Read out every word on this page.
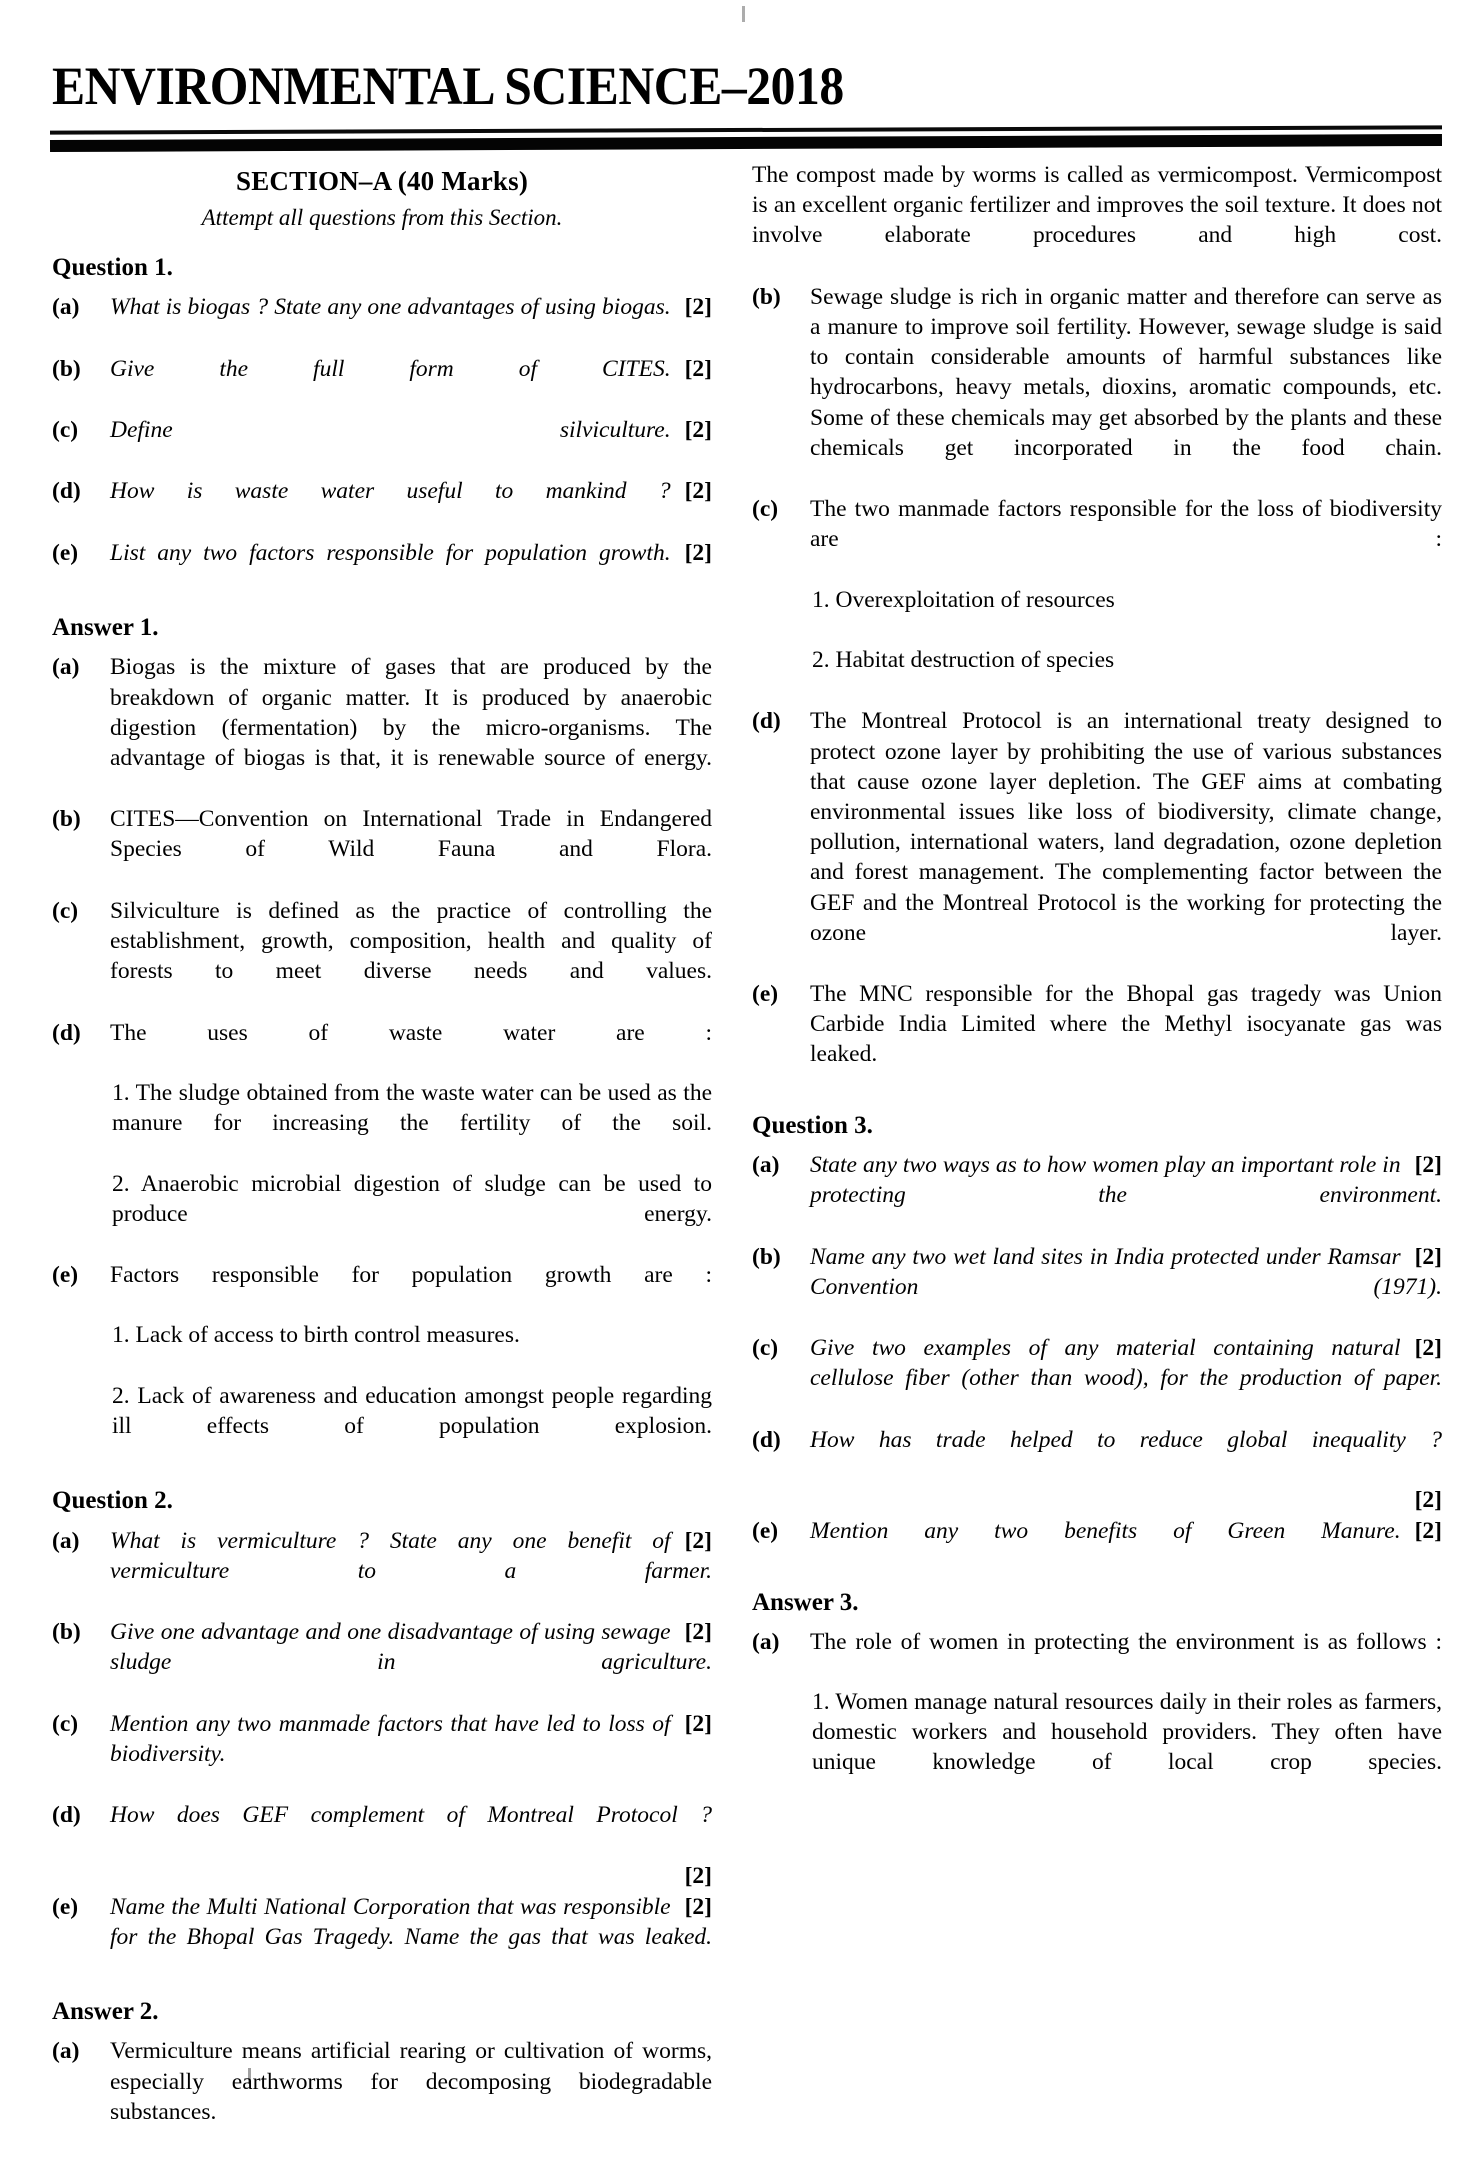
ENVIRONMENTAL SCIENCE–2018
SECTION–A (40 Marks)
Attempt all questions from this Section.
Question 1.
(a)	[2]
What is biogas ? State any one advantages of using biogas.
(b)	[2]
Give the full form of CITES.
(c)	[2]
Define silviculture.
(d)	[2]
How is waste water useful to mankind ?
(e)	[2]
List any two factors responsible for population growth.
Answer 1.
(a)	Biogas is the mixture of gases that are produced by the breakdown of organic matter. It is produced by anaerobic digestion (fermentation) by the micro-organisms. The advantage of biogas is that, it is renewable source of energy.
(b)	CITES—Convention on International Trade in Endangered Species of Wild Fauna and Flora.
(c)	Silviculture is defined as the practice of controlling the establishment, growth, composition, health and quality of forests to meet diverse needs and values.
(d)	The uses of waste water are :
1. The sludge obtained from the waste water can be used as the manure for increasing the fertility of the soil.
2. Anaerobic microbial digestion of sludge can be used to produce energy.
(e)	Factors responsible for population growth are :
1. Lack of access to birth control measures.
2. Lack of awareness and education amongst people regarding ill effects of population explosion.
Question 2.
(a)	[2]
What is vermiculture ? State any one benefit of vermiculture to a farmer.
(b)	[2]
Give one advantage and one disadvantage of using sewage sludge in agriculture.
(c)	[2]
Mention any two manmade factors that have led to loss of biodiversity.
(d)	How does GEF complement of Montreal Protocol ?
[2]
(e)	[2]
Name the Multi National Corporation that was responsible for the Bhopal Gas Tragedy. Name the gas that was leaked.
Answer 2.
(a)	Vermiculture means artificial rearing or cultivation of worms, especially earthworms for decomposing biodegradable substances.
The compost made by worms is called as vermicompost. Vermicompost is an excellent organic fertilizer and improves the soil texture. It does not involve elaborate procedures and high cost.
(b)	Sewage sludge is rich in organic matter and therefore can serve as a manure to improve soil fertility. However, sewage sludge is said to contain considerable amounts of harmful substances like hydrocarbons, heavy metals, dioxins, aromatic compounds, etc. Some of these chemicals may get absorbed by the plants and these chemicals get incorporated in the food chain.
(c)	The two manmade factors responsible for the loss of biodiversity are :
1. Overexploitation of resources
2. Habitat destruction of species
(d)	The Montreal Protocol is an international treaty designed to protect ozone layer by prohibiting the use of various substances that cause ozone layer depletion. The GEF aims at combating environmental issues like loss of biodiversity, climate change, pollution, international waters, land degradation, ozone depletion and forest management. The complementing factor between the GEF and the Montreal Protocol is the working for protecting the ozone layer.
(e)	The MNC responsible for the Bhopal gas tragedy was Union Carbide India Limited where the Methyl isocyanate gas was leaked.
Question 3.
(a)	[2]
State any two ways as to how women play an important role in protecting the environment.
(b)	[2]
Name any two wet land sites in India protected under Ramsar Convention (1971).
(c)	[2]
Give two examples of any material containing natural cellulose fiber (other than wood), for the production of paper.
(d)	How has trade helped to reduce global inequality ?
[2]
(e)	[2]
Mention any two benefits of Green Manure.
Answer 3.
(a)	The role of women in protecting the environment is as follows :
1. Women manage natural resources daily in their roles as farmers, domestic workers and household providers. They often have unique knowledge of local crop species.
